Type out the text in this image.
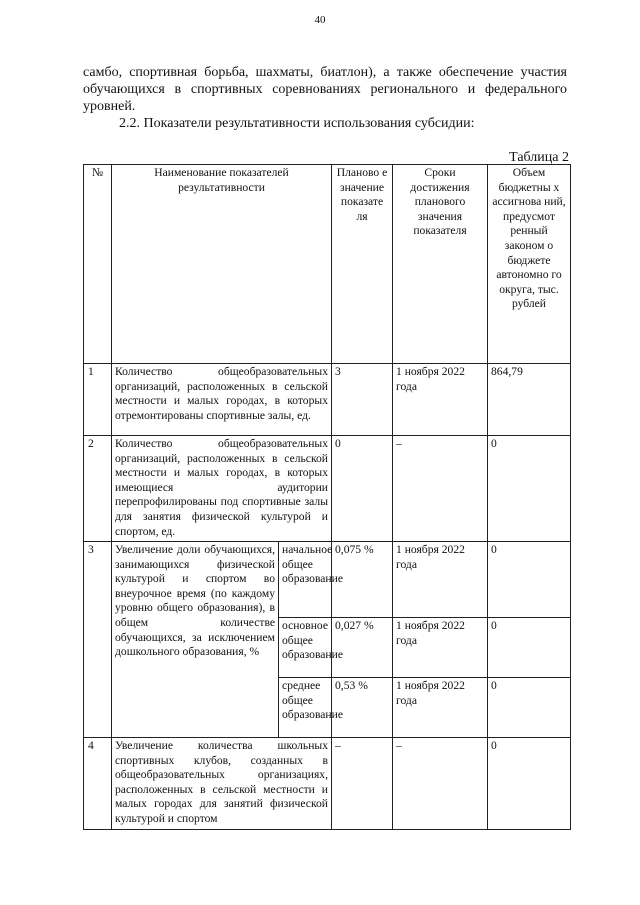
40

самбо, спортивная борьба, шахматы, биатлон), а также обеспечение участия обучающихся в спортивных соревнованиях регионального и федерального уровней.

2.2. Показатели результативности использования субсидии:

Таблица 2
№	Наименование показателей результативности		Планово е значение показате ля	Сроки достижения планового значения показателя	Объем бюджетны х ассигнова ний, предусмот ренный законом о бюджете автономно го округа, тыс. рублей
1	Количество общеобразовательных организаций, расположенных в сельской местности и малых городах, в которых отремонтированы спортивные залы, ед.		3	1 ноября 2022 года	864,79
2	Количество общеобразовательных организаций, расположенных в сельской местности и малых городах, в которых имеющиеся аудитории перепрофилированы под спортивные залы для занятия физической культурой и спортом, ед.		0	–	0
3	Увеличение доли обучающихся, занимающихся физической культурой и спортом во внеурочное время (по каждому уровню общего образования), в общем количестве обучающихся, за исключением дошкольного образования, %	начальное общее образование	0,075 %	1 ноября 2022 года	0
		основное общее образование	0,027 %	1 ноября 2022 года	0
		среднее общее образование	0,53 %	1 ноября 2022 года	0
4	Увеличение количества школьных спортивных клубов, созданных в общеобразовательных организациях, расположенных в сельской местности и малых городах для занятий физической культурой и спортом		–	–	0
